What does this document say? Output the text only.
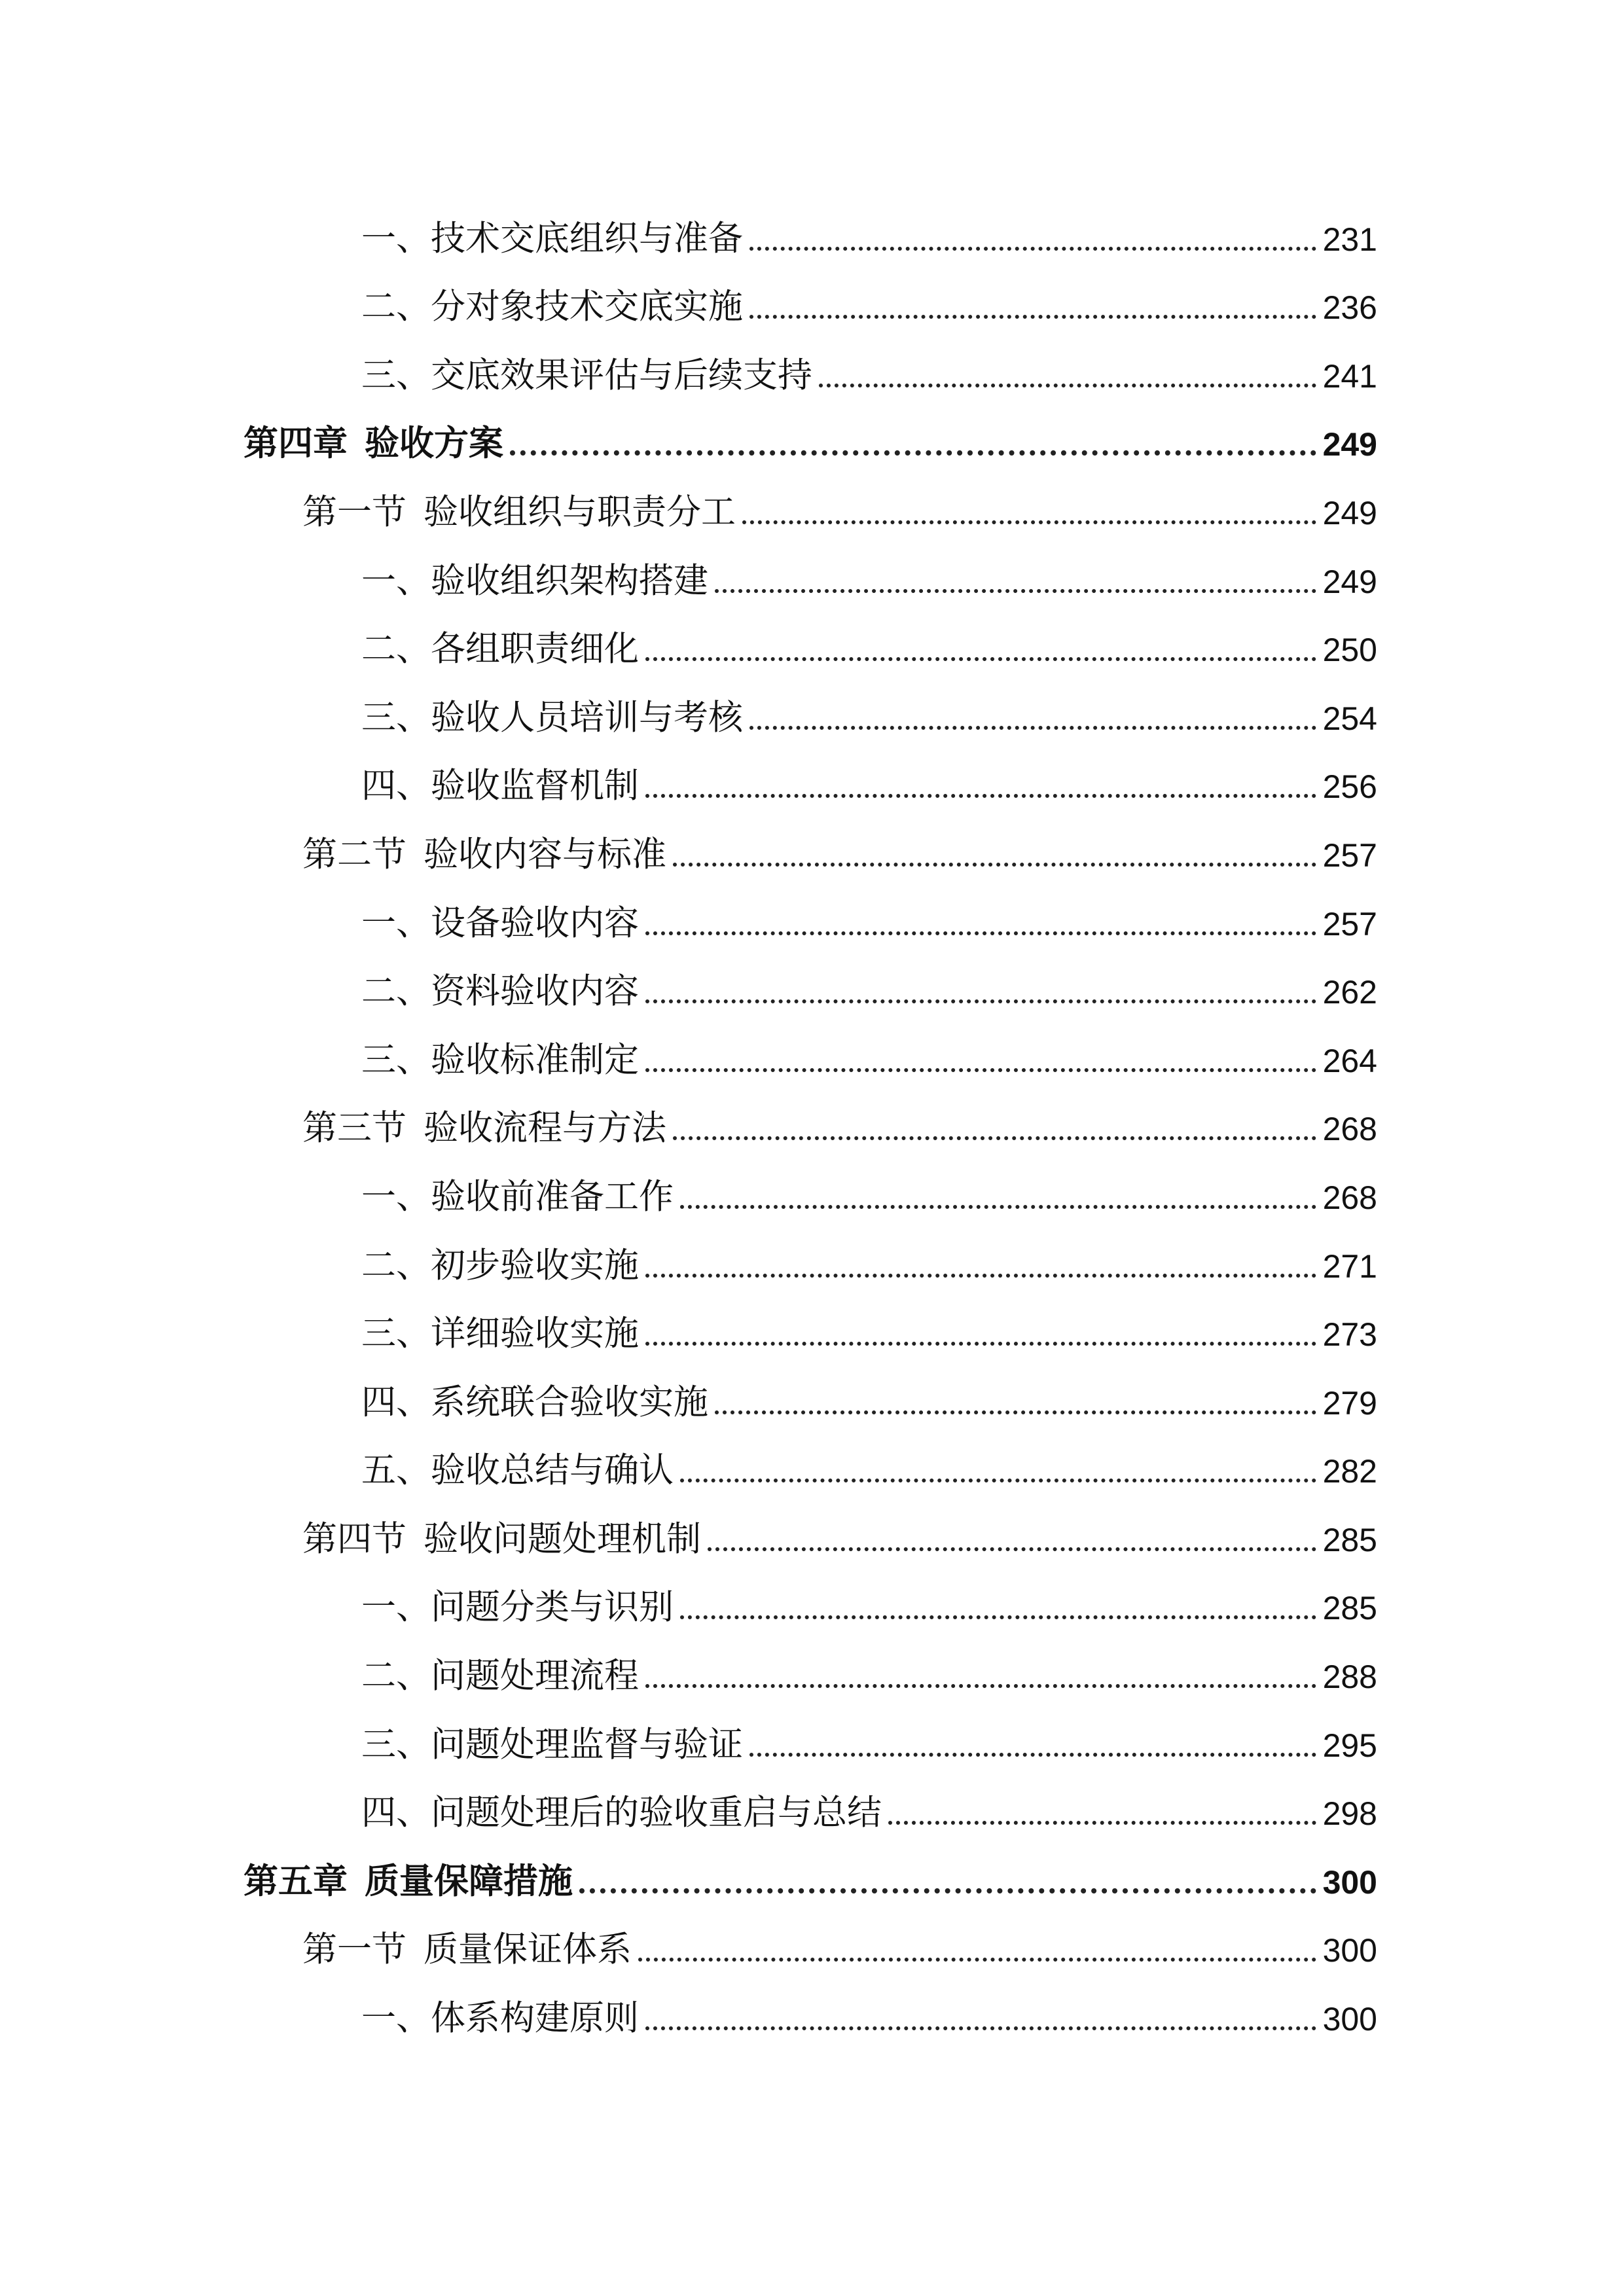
一、技术交底组织与准备	231
二、分对象技术交底实施	236
三、交底效果评估与后续支持	241
第四章 验收方案	249
第一节 验收组织与职责分工	249
一、验收组织架构搭建	249
二、各组职责细化	250
三、验收人员培训与考核	254
四、验收监督机制	256
第二节 验收内容与标准	257
一、设备验收内容	257
二、资料验收内容	262
三、验收标准制定	264
第三节 验收流程与方法	268
一、验收前准备工作	268
二、初步验收实施	271
三、详细验收实施	273
四、系统联合验收实施	279
五、验收总结与确认	282
第四节 验收问题处理机制	285
一、问题分类与识别	285
二、问题处理流程	288
三、问题处理监督与验证	295
四、问题处理后的验收重启与总结	298
第五章 质量保障措施	300
第一节 质量保证体系	300
一、体系构建原则	300
